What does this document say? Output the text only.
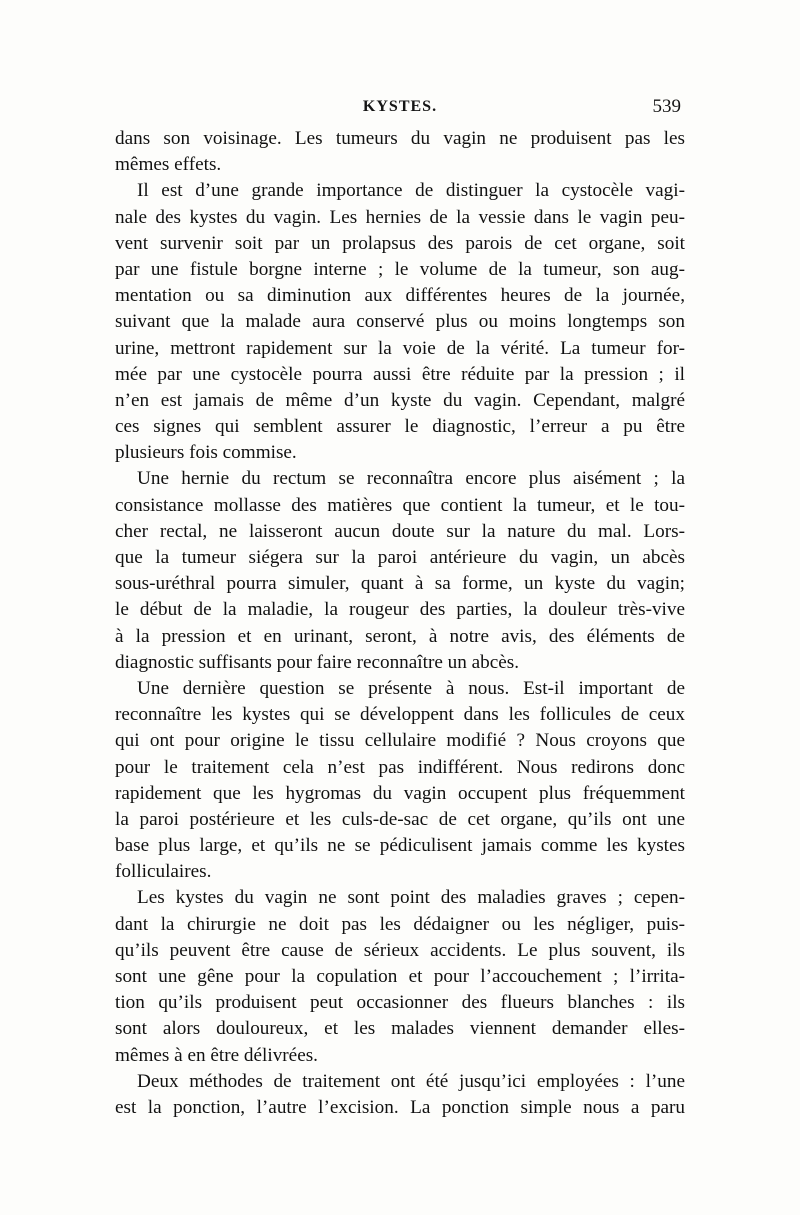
KYSTES.	539
dans son voisinage. Les tumeurs du vagin ne produisent pas les
mêmes effets.
Il est d’une grande importance de distinguer la cystocèle vagi-
nale des kystes du vagin. Les hernies de la vessie dans le vagin peu-
vent survenir soit par un prolapsus des parois de cet organe, soit
par une fistule borgne interne ; le volume de la tumeur, son aug-
mentation ou sa diminution aux différentes heures de la journée,
suivant que la malade aura conservé plus ou moins longtemps son
urine, mettront rapidement sur la voie de la vérité. La tumeur for-
mée par une cystocèle pourra aussi être réduite par la pression ; il
n’en est jamais de même d’un kyste du vagin. Cependant, malgré
ces signes qui semblent assurer le diagnostic, l’erreur a pu être
plusieurs fois commise.
Une hernie du rectum se reconnaîtra encore plus aisément ; la
consistance mollasse des matières que contient la tumeur, et le tou-
cher rectal, ne laisseront aucun doute sur la nature du mal. Lors-
que la tumeur siégera sur la paroi antérieure du vagin, un abcès
sous-uréthral pourra simuler, quant à sa forme, un kyste du vagin;
le début de la maladie, la rougeur des parties, la douleur très-vive
à la pression et en urinant, seront, à notre avis, des éléments de
diagnostic suffisants pour faire reconnaître un abcès.
Une dernière question se présente à nous. Est-il important de
reconnaître les kystes qui se développent dans les follicules de ceux
qui ont pour origine le tissu cellulaire modifié ? Nous croyons que
pour le traitement cela n’est pas indifférent. Nous redirons donc
rapidement que les hygromas du vagin occupent plus fréquemment
la paroi postérieure et les culs-de-sac de cet organe, qu’ils ont une
base plus large, et qu’ils ne se pédiculisent jamais comme les kystes
folliculaires.
Les kystes du vagin ne sont point des maladies graves ; cepen-
dant la chirurgie ne doit pas les dédaigner ou les négliger, puis-
qu’ils peuvent être cause de sérieux accidents. Le plus souvent, ils
sont une gêne pour la copulation et pour l’accouchement ; l’irrita-
tion qu’ils produisent peut occasionner des flueurs blanches : ils
sont alors douloureux, et les malades viennent demander elles-
mêmes à en être délivrées.
Deux méthodes de traitement ont été jusqu’ici employées : l’une
est la ponction, l’autre l’excision. La ponction simple nous a paru
